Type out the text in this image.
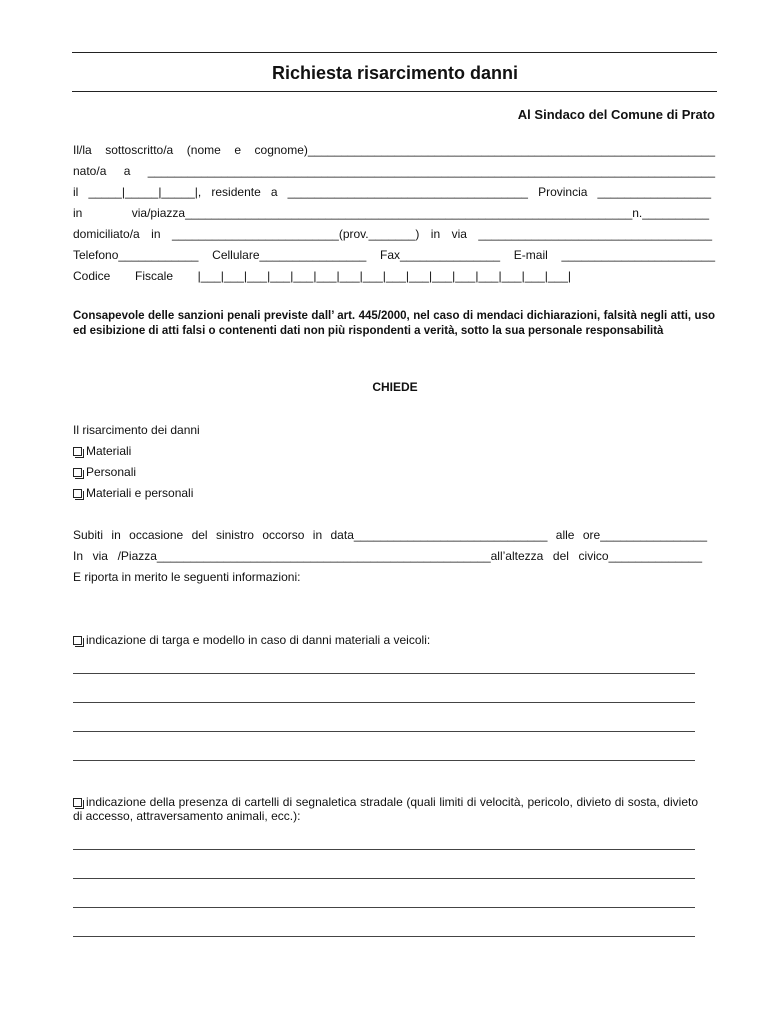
Richiesta risarcimento danni
Al Sindaco del Comune di Prato
Il/la sottoscritto/a (nome e cognome)_____________________________________________________________
nato/a a _____________________________________________________________________________________
il _____|_____|_____|, residente a ____________________________________ Provincia _________________
in via/piazza___________________________________________________________________n.__________
domiciliato/a in _________________________(prov._______) in via ___________________________________
Telefono____________ Cellulare________________ Fax_______________ E-mail _______________________
Codice Fiscale |___|___|___|___|___|___|___|___|___|___|___|___|___|___|___|___|
Consapevole delle sanzioni penali previste dall’ art. 445/2000, nel caso di mendaci dichiarazioni, falsità negli atti, uso ed esibizione di atti falsi o contenenti dati non più rispondenti a verità, sotto la sua personale responsabilità
CHIEDE
Il risarcimento dei danni
Materiali
Personali
Materiali e personali
Subiti in occasione del sinistro occorso in data_____________________________ alle ore________________
In via /Piazza__________________________________________________all’altezza del civico______________
E riporta in merito le seguenti informazioni:
indicazione di targa e modello in caso di danni materiali a veicoli:
indicazione della presenza di cartelli di segnaletica stradale (quali limiti di velocità, pericolo, divieto di sosta, divieto di accesso, attraversamento animali, ecc.):
